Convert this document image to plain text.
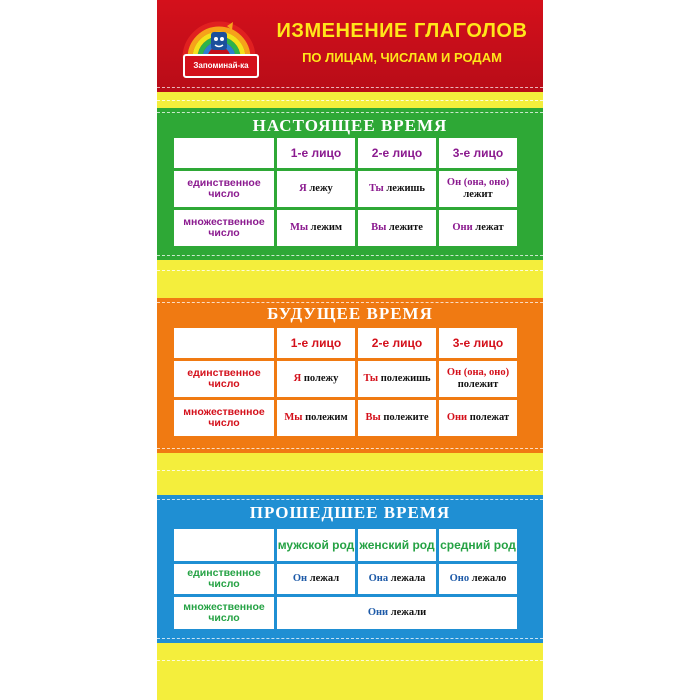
Запоминай-ка
ИЗМЕНЕНИЕ ГЛАГОЛОВ
ПО ЛИЦАМ, ЧИСЛАМ И РОДАМ
НАСТОЯЩЕЕ ВРЕМЯ
	1-е лицо	2-е лицо	3-е лицо
единственное число	Я лежу	Ты лежишь	Он (она, оно)
лежит
множественное число	Мы лежим	Вы лежите	Они лежат
БУДУЩЕЕ ВРЕМЯ
	1-е лицо	2-е лицо	3-е лицо
единственное число	Я полежу	Ты полежишь	Он (она, оно)
полежит
множественное число	Мы полежим	Вы полежите	Они полежат
ПРОШЕДШЕЕ ВРЕМЯ
	мужской род	женский род	средний род
единственное число	Он лежал	Она лежала	Оно лежало
множественное число	Они лежали		
